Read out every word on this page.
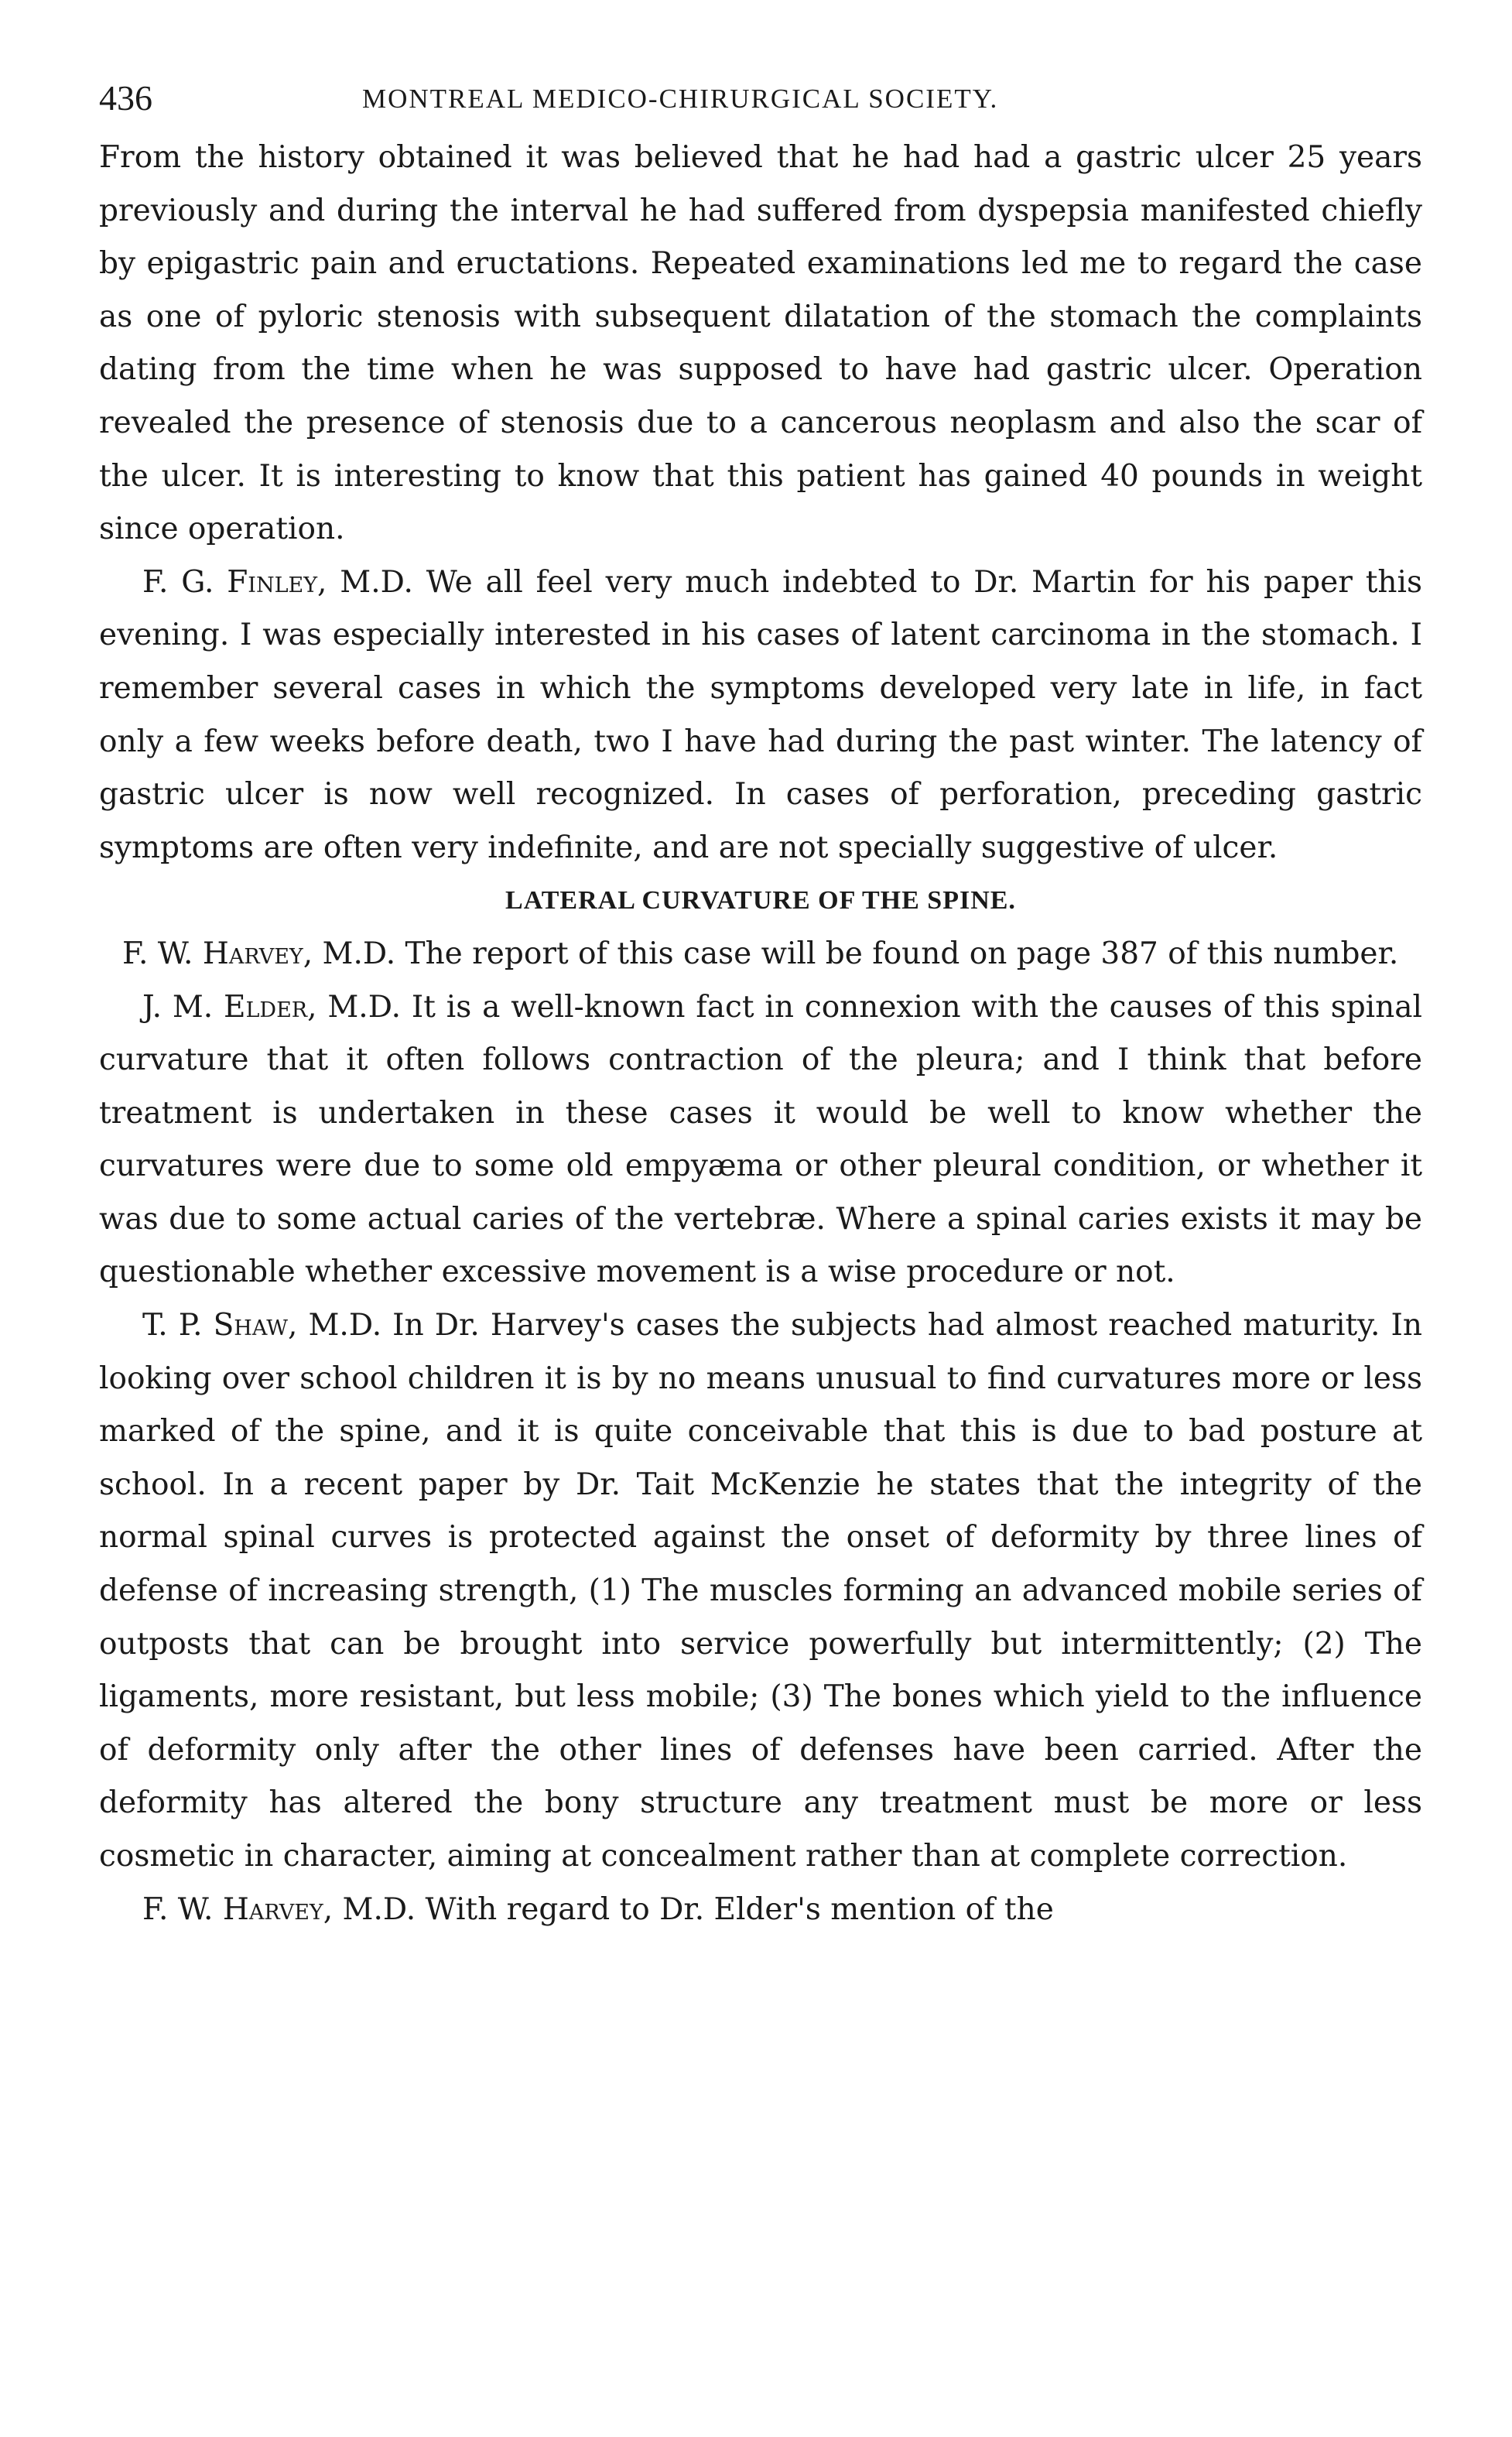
436	MONTREAL MEDICO-CHIRURGICAL SOCIETY.

From the history obtained it was believed that he had had a gastric ulcer 25 years previously and during the interval he had suffered from dyspepsia manifested chiefly by epigastric pain and eructations. Repeated examinations led me to regard the case as one of pyloric stenosis with subsequent dilatation of the stomach the complaints dating from the time when he was supposed to have had gastric ulcer. Operation revealed the presence of stenosis due to a cancerous neoplasm and also the scar of the ulcer. It is interesting to know that this patient has gained 40 pounds in weight since operation.

F. G. Finley, M.D. We all feel very much indebted to Dr. Martin for his paper this evening. I was especially interested in his cases of latent carcinoma in the stomach. I remember several cases in which the symptoms developed very late in life, in fact only a few weeks before death, two I have had during the past winter. The latency of gastric ulcer is now well recognized. In cases of perforation, preceding gastric symptoms are often very indefinite, and are not specially suggestive of ulcer.

LATERAL CURVATURE OF THE SPINE.

F. W. Harvey, M.D. The report of this case will be found on page 387 of this number.

J. M. Elder, M.D. It is a well-known fact in connexion with the causes of this spinal curvature that it often follows contraction of the pleura; and I think that before treatment is undertaken in these cases it would be well to know whether the curvatures were due to some old empyæma or other pleural condition, or whether it was due to some actual caries of the vertebræ. Where a spinal caries exists it may be questionable whether excessive movement is a wise procedure or not.

T. P. Shaw, M.D. In Dr. Harvey's cases the subjects had almost reached maturity. In looking over school children it is by no means unusual to find curvatures more or less marked of the spine, and it is quite conceivable that this is due to bad posture at school. In a recent paper by Dr. Tait McKenzie he states that the integrity of the normal spinal curves is protected against the onset of deformity by three lines of defense of increasing strength, (1) The muscles forming an advanced mobile series of outposts that can be brought into service powerfully but intermittently; (2) The ligaments, more resistant, but less mobile; (3) The bones which yield to the influence of deformity only after the other lines of defenses have been carried. After the deformity has altered the bony structure any treatment must be more or less cosmetic in character, aiming at concealment rather than at complete correction.

F. W. Harvey, M.D. With regard to Dr. Elder's mention of the
